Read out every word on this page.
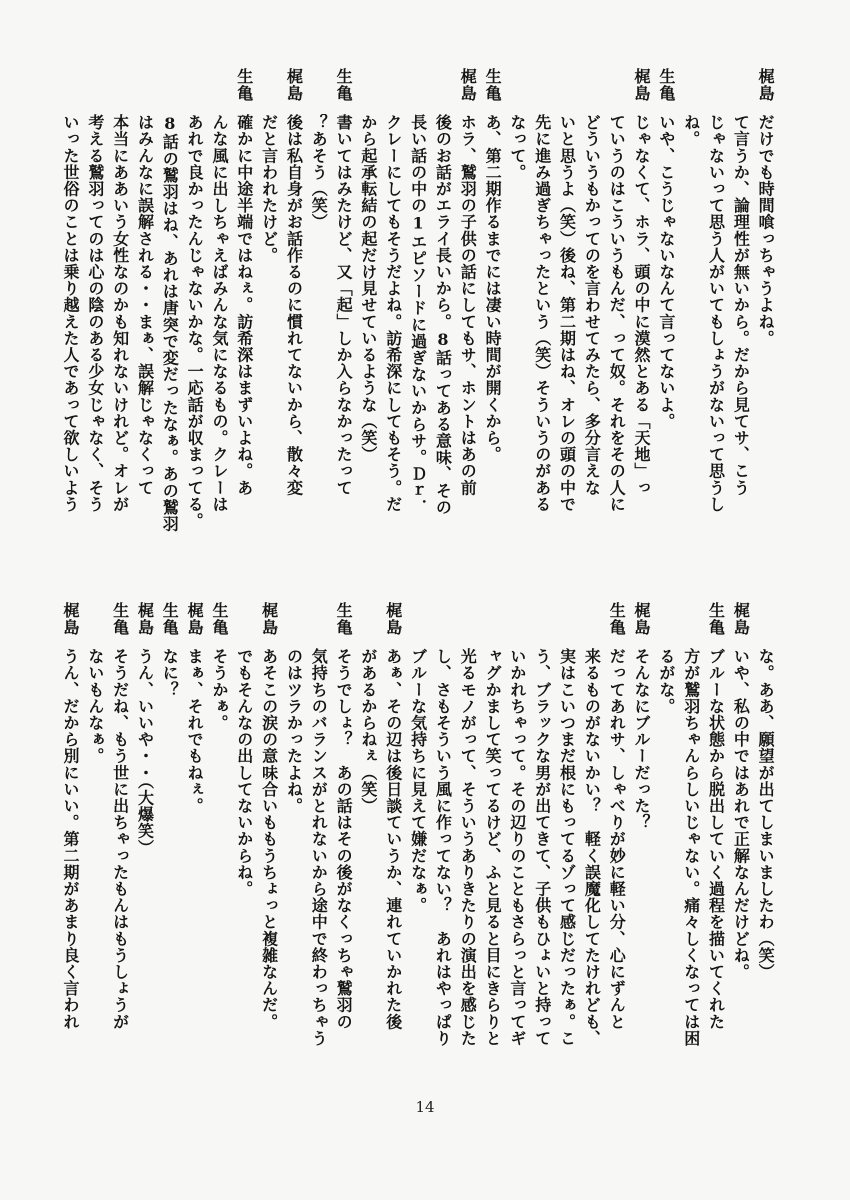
梶島
だけでも時間喰っちゃうよね。
て言うか、論理性が無いから。だから見てサ、こう
じゃないって思う人がいてもしょうがないって思うし
ね。
生亀
いや、こうじゃないなんて言ってないよ。
梶島
じゃなくて、ホラ、頭の中に漠然とある「天地」っ
ていうのはこういうもんだ、って奴。それをその人に
どういうもかってのを言わせてみたら、多分言えな
いと思うよ（笑）後ね、第二期はね、オレの頭の中で
先に進み過ぎちゃったという（笑）そういうのがある
なって。
生亀
あ、第二期作るまでには凄い時間が開くから。
梶島
ホラ、鷲羽の子供の話にしてもサ、ホントはあの前
後のお話がエライ長いから。8話ってある意味、その
長い話の中の1エピソードに過ぎないからサ。Ｄｒ．
クレーにしてもそうだよね。訪希深にしてもそう。だ
から起承転結の起だけ見せているような（笑）
生亀
書いてはみたけど、又「起」しか入らなかったって
？あそう（笑）
梶島
後は私自身がお話作るのに慣れてないから、散々変
だと言われたけど。
生亀
確かに中途半端ではねぇ。訪希深はまずいよね。あ
んな風に出しちゃえばみんな気になるもの。クレーは
あれで良かったんじゃないかな。一応話が収まってる。
8話の鷲羽はね、あれは唐突で変だったなぁ。あの鷲羽
はみんなに誤解される・・まぁ、誤解じゃなくって
本当にああいう女性なのかも知れないけれど。オレが
考える鷲羽ってのは心の陰のある少女じゃなく、そう
いった世俗のことは乗り越えた人であって欲しいよう
な。ああ、願望が出てしまいましたわ（笑）
梶島
いや、私の中ではあれで正解なんだけどね。
生亀
ブルーな状態から脱出していく過程を描いてくれた
方が鷲羽ちゃんらしいじゃない。痛々しくなっては困
るがな。
梶島
そんなにブルーだった？
生亀
だってあれサ、しゃべりが妙に軽い分、心にずんと
来るものがないかい？　軽く誤魔化してたけれども、
実はこいつまだ根にもってるゾって感じだったぁ。こ
う、ブラックな男が出てきて、子供もひょいと持って
いかれちゃって。その辺りのこともさらっと言ってギ
ャグかまして笑ってるけど、ふと見ると目にきらりと
光るモノがって、そういうありきたりの演出を感じた
し、さもそういう風に作ってない？　あれはやっぱり
ブルーな気持ちに見えて嫌だなぁ。
梶島
あぁ、その辺は後日談ていうか、連れていかれた後
があるからねぇ（笑）
生亀
そうでしょ？　あの話はその後がなくっちゃ鷲羽の
気持ちのバランスがとれないから途中で終わっちゃう
のはツラかったよね。
梶島
あそこの涙の意味合いももうちょっと複雑なんだ。
でもそんなの出してないからね。
生亀
そうかぁ。
梶島
まぁ、それでもねぇ。
生亀
なに？
梶島
うん、いいや・・（大爆笑）
生亀
そうだね、もう世に出ちゃったもんはもうしょうが
ないもんなぁ。
梶島
うん、だから別にいい。第二期があまり良く言われ
14
